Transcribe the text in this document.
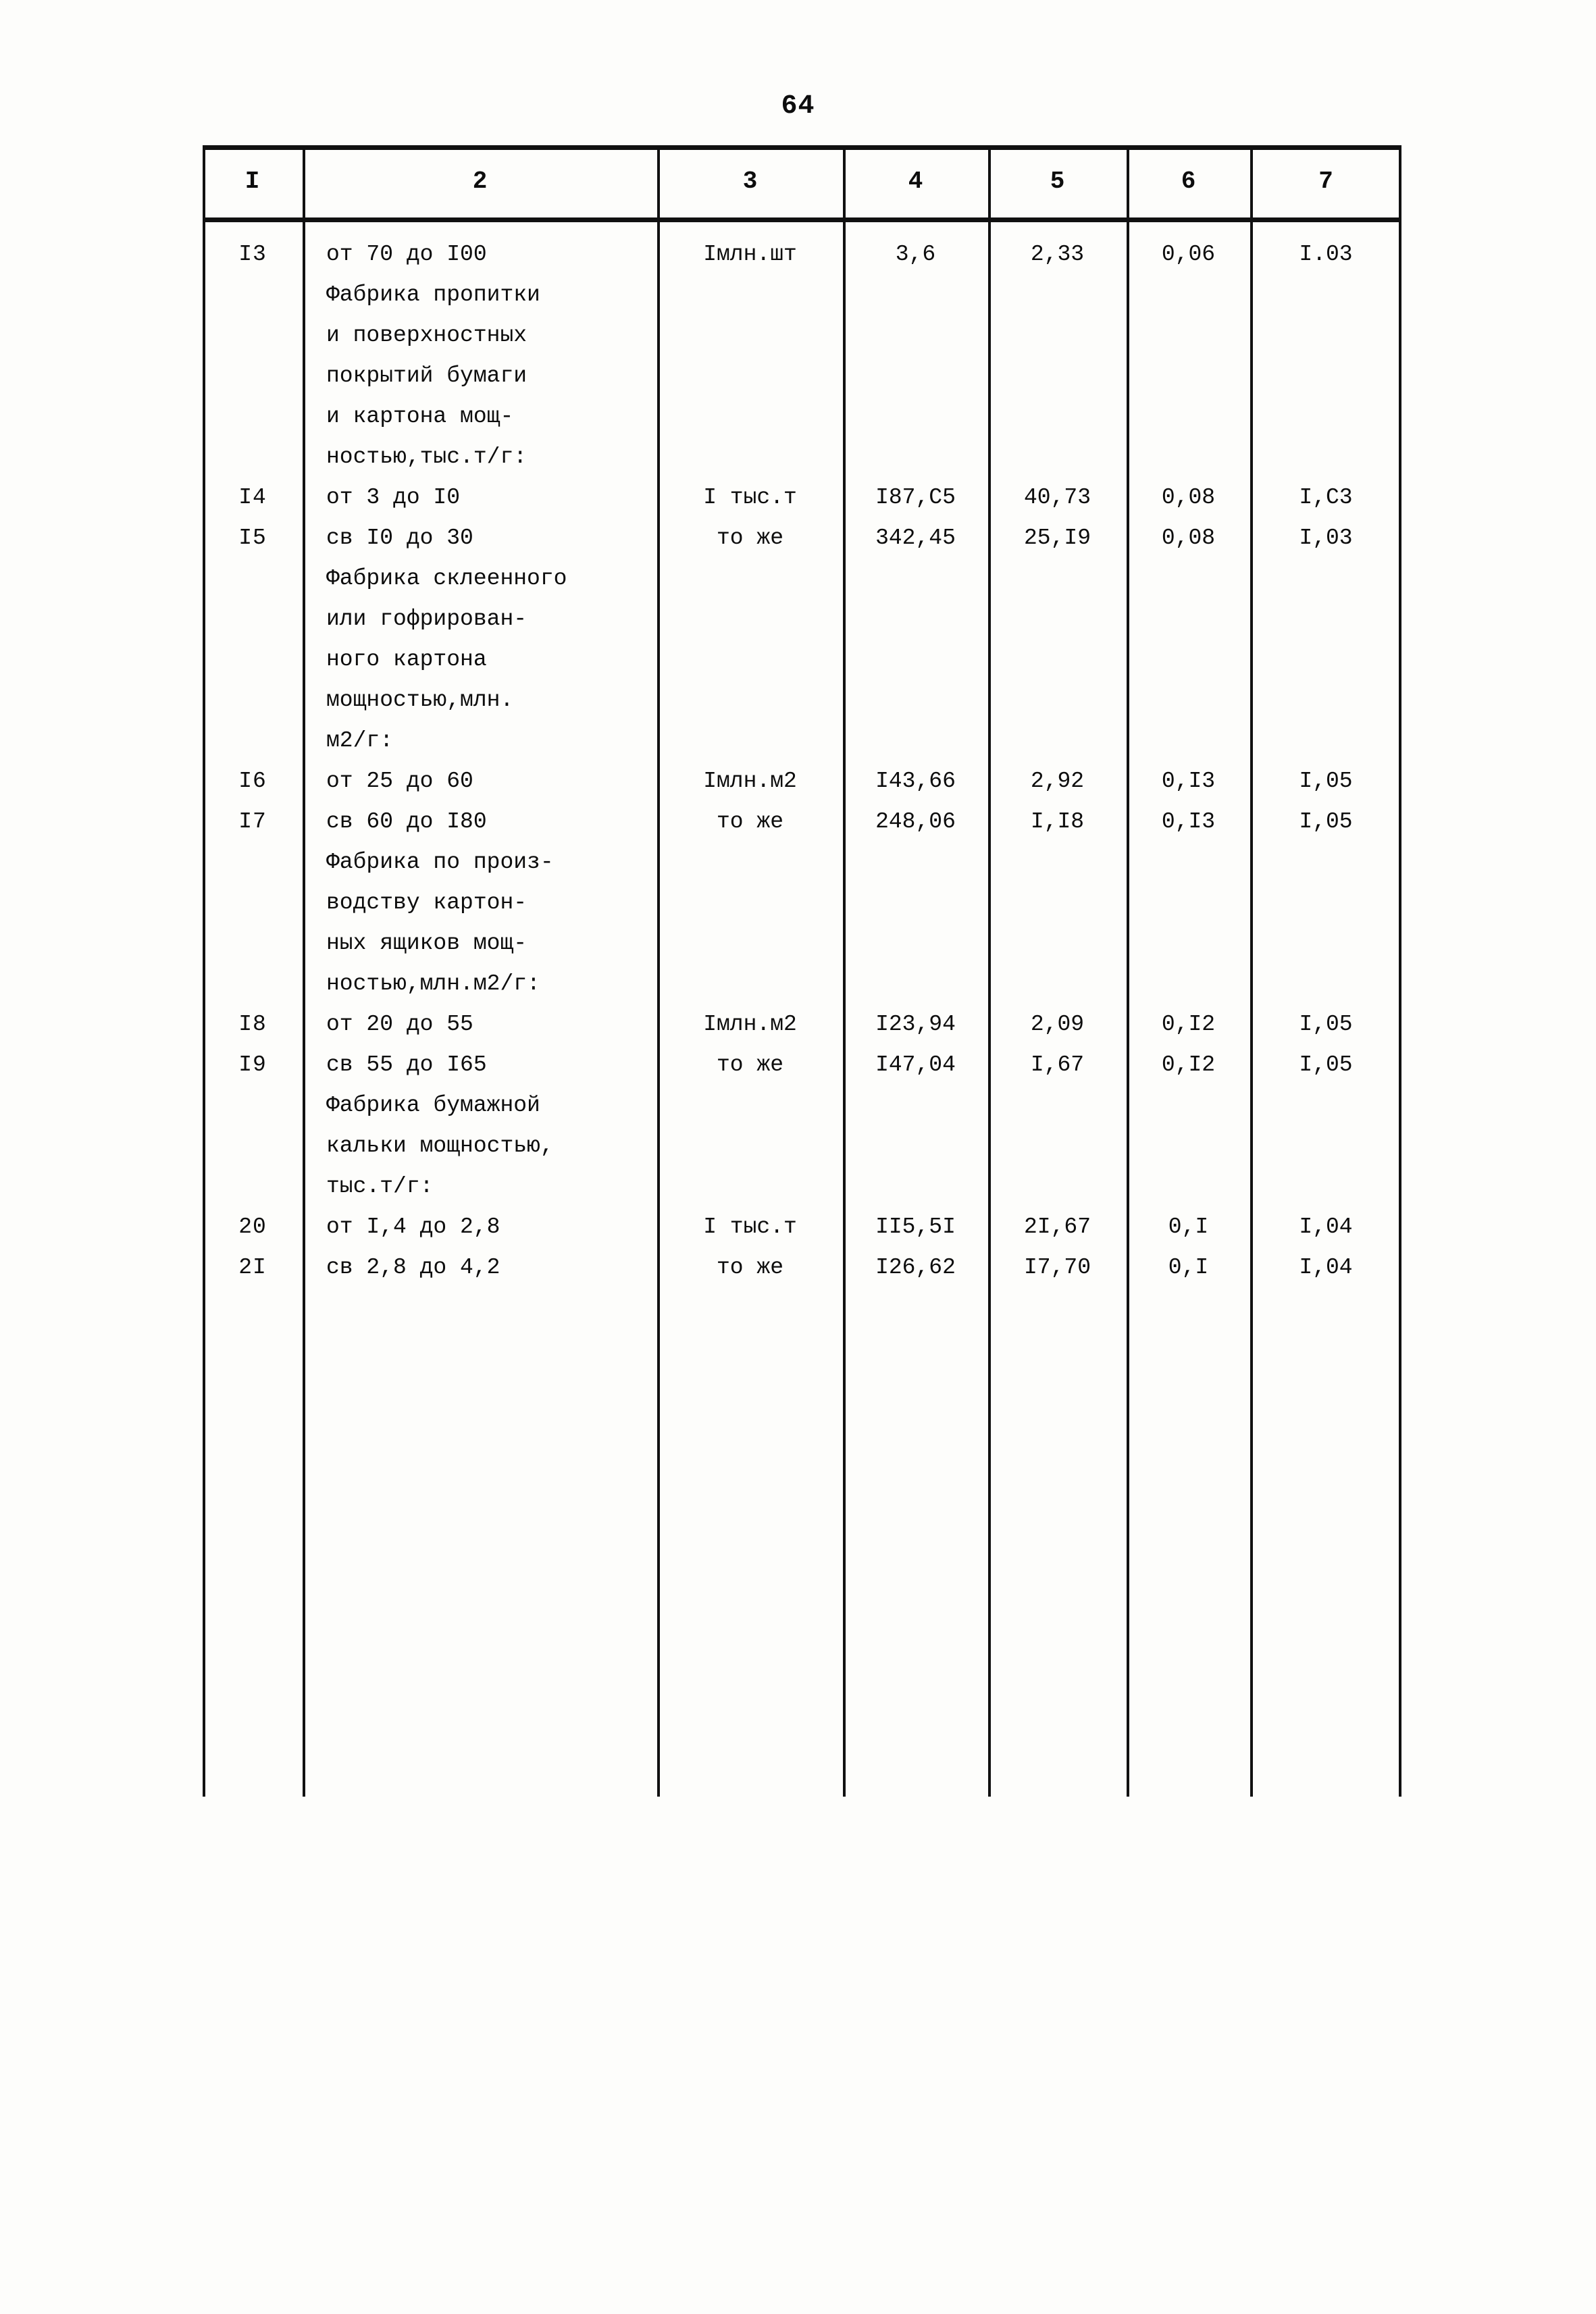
64
I	2	3	4	5	6	7
I3	от 70 до I00	Iмлн.шт	3,6	2,33	0,06	I.03
	Фабрика пропитки					
	и поверхностных					
	покрытий бумаги					
	и картона мощ-					
	ностью,тыс.т/г:					
I4	от 3 до I0	I тыс.т	I87,C5	40,73	0,08	I,C3
I5	св I0 до 30	то же	342,45	25,I9	0,08	I,03
	Фабрика склеенного					
	или гофрирован-					
	ного картона					
	мощностью,млн.					
	м2/г:					
I6	от 25 до 60	Iмлн.м2	I43,66	2,92	0,I3	I,05
I7	св 60 до I80	то же	248,06	I,I8	0,I3	I,05
	Фабрика по произ-					
	водству картон-					
	ных ящиков мощ-					
	ностью,млн.м2/г:					
I8	от 20 до 55	Iмлн.м2	I23,94	2,09	0,I2	I,05
I9	св 55 до I65	то же	I47,04	I,67	0,I2	I,05
	Фабрика бумажной					
	кальки мощностью,					
	тыс.т/г:					
20	от I,4 до 2,8	I тыс.т	II5,5I	2I,67	0,I	I,04
2I	св 2,8 до 4,2	то же	I26,62	I7,70	0,I	I,04
